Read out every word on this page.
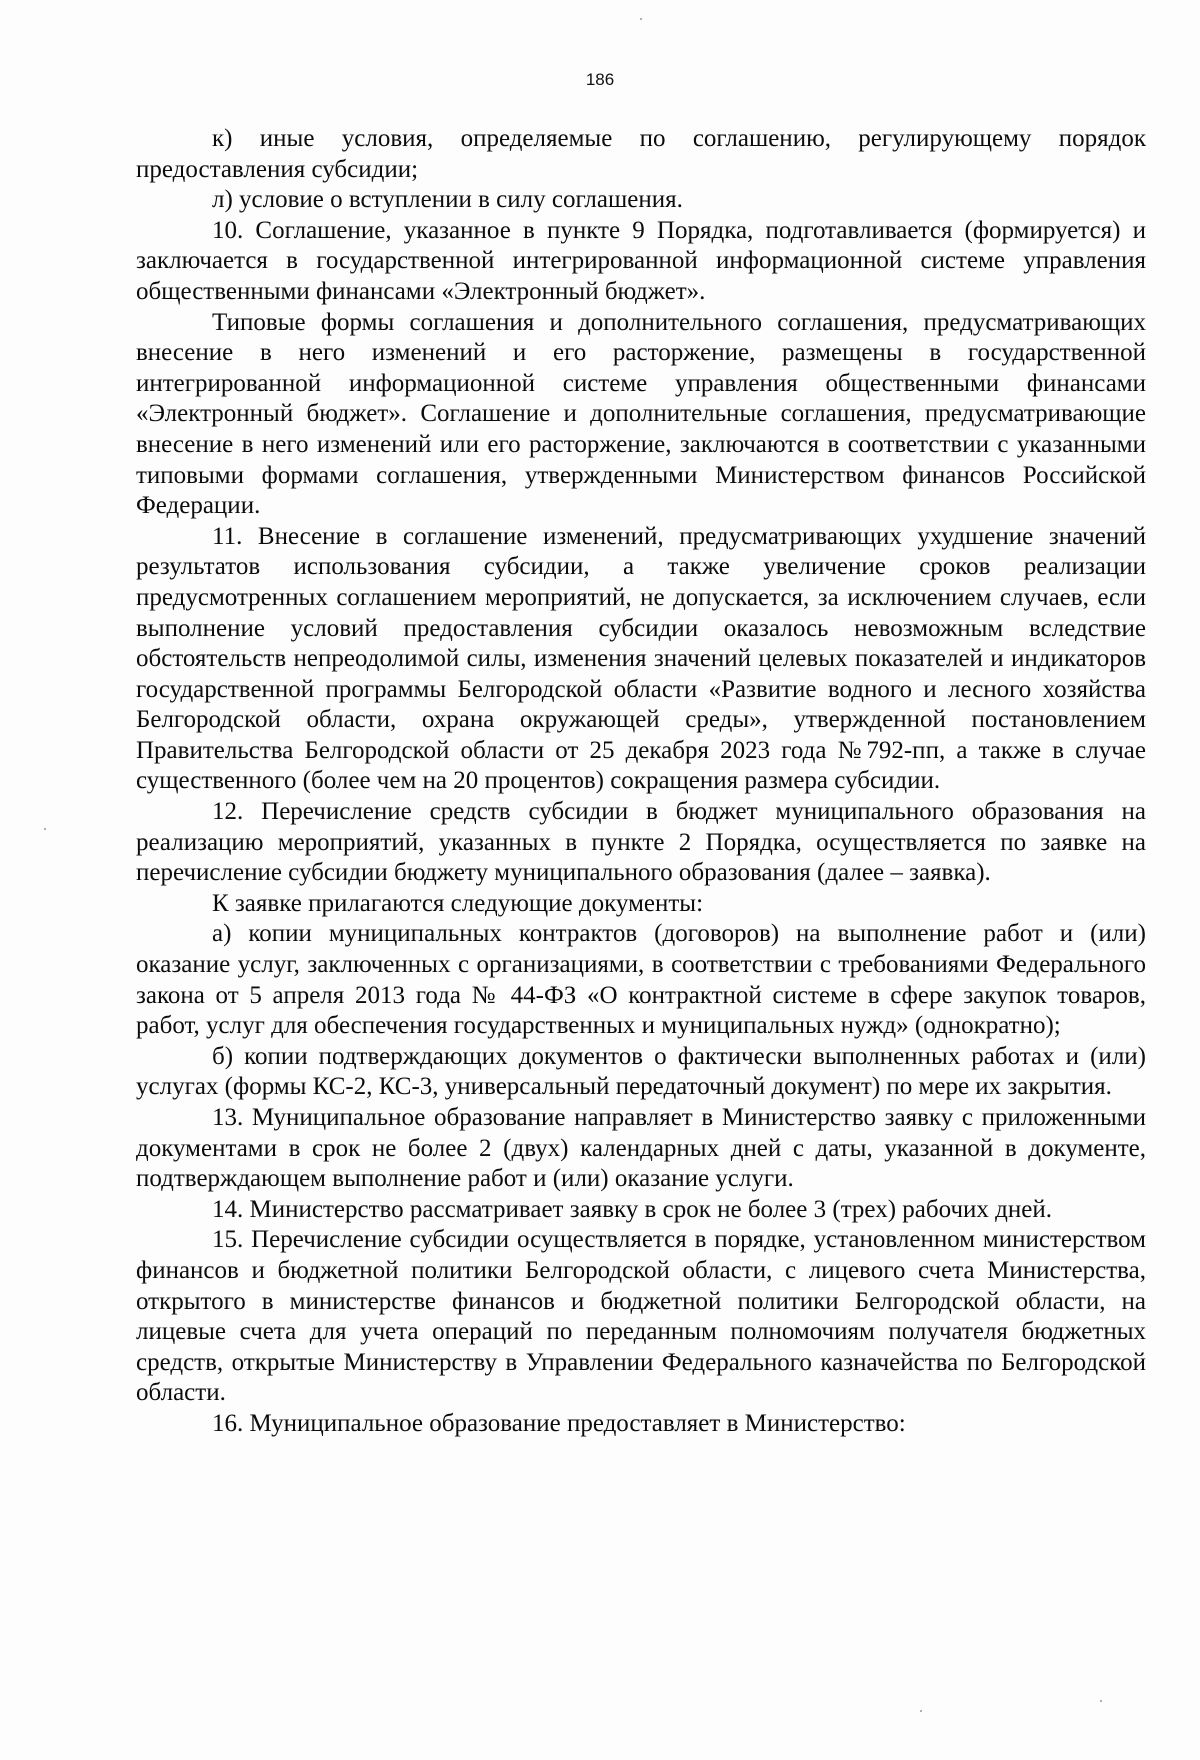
186

к) иные условия, определяемые по соглашению, регулирующему порядок предоставления субсидии;

л) условие о вступлении в силу соглашения.

10. Соглашение, указанное в пункте 9 Порядка, подготавливается (формируется) и заключается в государственной интегрированной информационной системе управления общественными финансами «Электронный бюджет».

Типовые формы соглашения и дополнительного соглашения, предусматривающих внесение в него изменений и его расторжение, размещены в государственной интегрированной информационной системе управления общественными финансами «Электронный бюджет». Соглашение и дополнительные соглашения, предусматривающие внесение в него изменений или его расторжение, заключаются в соответствии с указанными типовыми формами соглашения, утвержденными Министерством финансов Российской Федерации.

11. Внесение в соглашение изменений, предусматривающих ухудшение значений результатов использования субсидии, а также увеличение сроков реализации предусмотренных соглашением мероприятий, не допускается, за исключением случаев, если выполнение условий предоставления субсидии оказалось невозможным вследствие обстоятельств непреодолимой силы, изменения значений целевых показателей и индикаторов государственной программы Белгородской области «Развитие водного и лесного хозяйства Белгородской области, охрана окружающей среды», утвержденной постановлением Правительства Белгородской области от 25 декабря 2023 года №792-пп, а также в случае существенного (более чем на 20 процентов) сокращения размера субсидии.

12. Перечисление средств субсидии в бюджет муниципального образования на реализацию мероприятий, указанных в пункте 2 Порядка, осуществляется по заявке на перечисление субсидии бюджету муниципального образования (далее – заявка).

К заявке прилагаются следующие документы:

а) копии муниципальных контрактов (договоров) на выполнение работ и (или) оказание услуг, заключенных с организациями, в соответствии с требованиями Федерального закона от 5 апреля 2013 года № 44-ФЗ «О контрактной системе в сфере закупок товаров, работ, услуг для обеспечения государственных и муниципальных нужд» (однократно);

б) копии подтверждающих документов о фактически выполненных работах и (или) услугах (формы КС-2, КС-3, универсальный передаточный документ) по мере их закрытия.

13. Муниципальное образование направляет в Министерство заявку с приложенными документами в срок не более 2 (двух) календарных дней с даты, указанной в документе, подтверждающем выполнение работ и (или) оказание услуги.

14. Министерство рассматривает заявку в срок не более 3 (трех) рабочих дней.

15. Перечисление субсидии осуществляется в порядке, установленном министерством финансов и бюджетной политики Белгородской области, с лицевого счета Министерства, открытого в министерстве финансов и бюджетной политики Белгородской области, на лицевые счета для учета операций по переданным полномочиям получателя бюджетных средств, открытые Министерству в Управлении Федерального казначейства по Белгородской области.

16. Муниципальное образование предоставляет в Министерство:
